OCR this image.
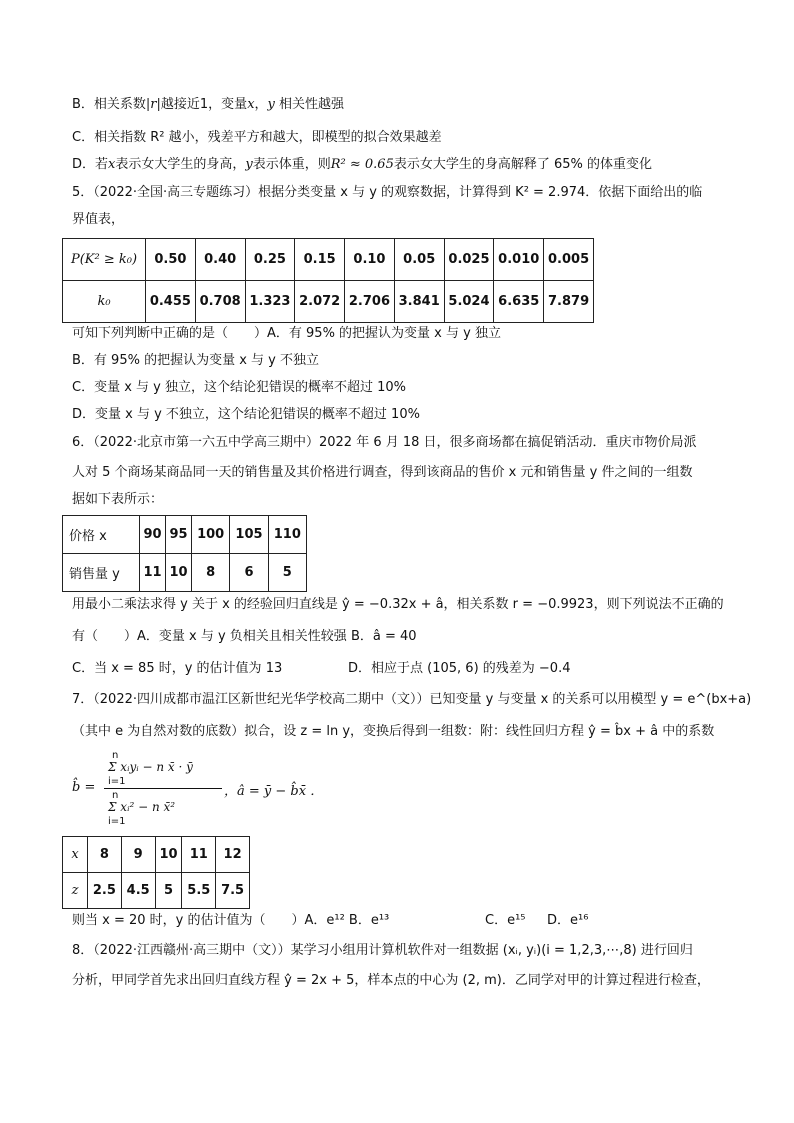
B．相关系数|r|越接近1，变量x，y 相关性越强
C．相关指数 R² 越小，残差平方和越大，即模型的拟合效果越差
D．若x表示女大学生的身高，y表示体重，则R² ≈ 0.65表示女大学生的身高解释了 65% 的体重变化
5．（2022·全国·高三专题练习）根据分类变量 x 与 y 的观察数据，计算得到 K² = 2.974．依据下面给出的临
界值表，
P(K² ≥ k₀)	0.50	0.40	0.25	0.15	0.10	0.05	0.025	0.010	0.005
k₀	0.455	0.708	1.323	2.072	2.706	3.841	5.024	6.635	7.879
可知下列判断中正确的是（　　）A．有 95% 的把握认为变量 x 与 y 独立
B．有 95% 的把握认为变量 x 与 y 不独立
C．变量 x 与 y 独立，这个结论犯错误的概率不超过 10%
D．变量 x 与 y 不独立，这个结论犯错误的概率不超过 10%
6．（2022·北京市第一六五中学高三期中）2022 年 6 月 18 日，很多商场都在搞促销活动．重庆市物价局派
人对 5 个商场某商品同一天的销售量及其价格进行调查，得到该商品的售价 x 元和销售量 y 件之间的一组数
据如下表所示：
价格 x	90	95	100	105	110
销售量 y	11	10	8	6	5
用最小二乘法求得 y 关于 x 的经验回归直线是 ŷ = −0.32x + â，相关系数 r = −0.9923，则下列说法不正确的
有（　　）A．变量 x 与 y 负相关且相关性较强 B．â = 40
C．当 x = 85 时，y 的估计值为 13	D．相应于点 (105, 6) 的残差为 −0.4
7．（2022·四川成都市温江区新世纪光华学校高二期中（文））已知变量 y 与变量 x 的关系可以用模型 y = e^(bx+a)
（其中 e 为自然对数的底数）拟合，设 z = ln y，变换后得到一组数：附：线性回归方程 ŷ = b̂x + â 中的系数
b̂ =
n
Σ xᵢyᵢ − n x̄ · ȳ
i=1
n
Σ xᵢ² − n x̄²
i=1
，â = ȳ − b̂x̄ ．
x	8	9	10	11	12
z	2.5	4.5	5	5.5	7.5
则当 x = 20 时，y 的估计值为（　　）A．e¹² B．e¹³	C．e¹⁵ D．e¹⁶
8．（2022·江西赣州·高三期中（文））某学习小组用计算机软件对一组数据 (xᵢ, yᵢ)(i = 1,2,3,⋯,8) 进行回归
分析，甲同学首先求出回归直线方程 ŷ = 2x + 5，样本点的中心为 (2, m)．乙同学对甲的计算过程进行检查，
